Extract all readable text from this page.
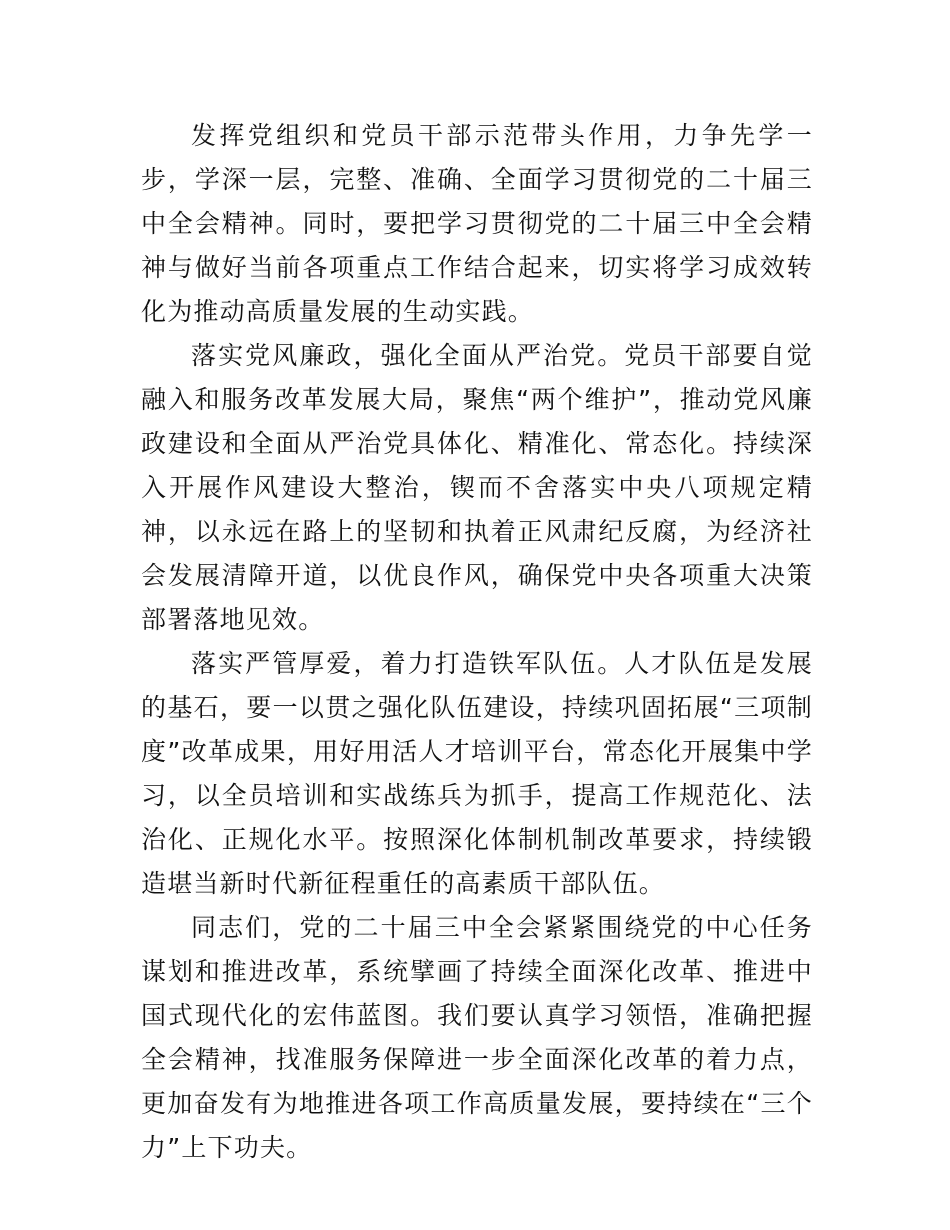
发挥党组织和党员干部示范带头作用，力争先学一步，学深一层，完整、准确、全面学习贯彻党的二十届三中全会精神。同时，要把学习贯彻党的二十届三中全会精神与做好当前各项重点工作结合起来，切实将学习成效转化为推动高质量发展的生动实践。

落实党风廉政，强化全面从严治党。党员干部要自觉融入和服务改革发展大局，聚焦“两个维护”，推动党风廉政建设和全面从严治党具体化、精准化、常态化。持续深入开展作风建设大整治，锲而不舍落实中央八项规定精神，以永远在路上的坚韧和执着正风肃纪反腐，为经济社会发展清障开道，以优良作风，确保党中央各项重大决策部署落地见效。

落实严管厚爱，着力打造铁军队伍。人才队伍是发展的基石，要一以贯之强化队伍建设，持续巩固拓展“三项制度”改革成果，用好用活人才培训平台，常态化开展集中学习，以全员培训和实战练兵为抓手，提高工作规范化、法治化、正规化水平。按照深化体制机制改革要求，持续锻造堪当新时代新征程重任的高素质干部队伍。

同志们，党的二十届三中全会紧紧围绕党的中心任务谋划和推进改革，系统擘画了持续全面深化改革、推进中国式现代化的宏伟蓝图。我们要认真学习领悟，准确把握全会精神，找准服务保障进一步全面深化改革的着力点，更加奋发有为地推进各项工作高质量发展，要持续在“三个力”上下功夫。
